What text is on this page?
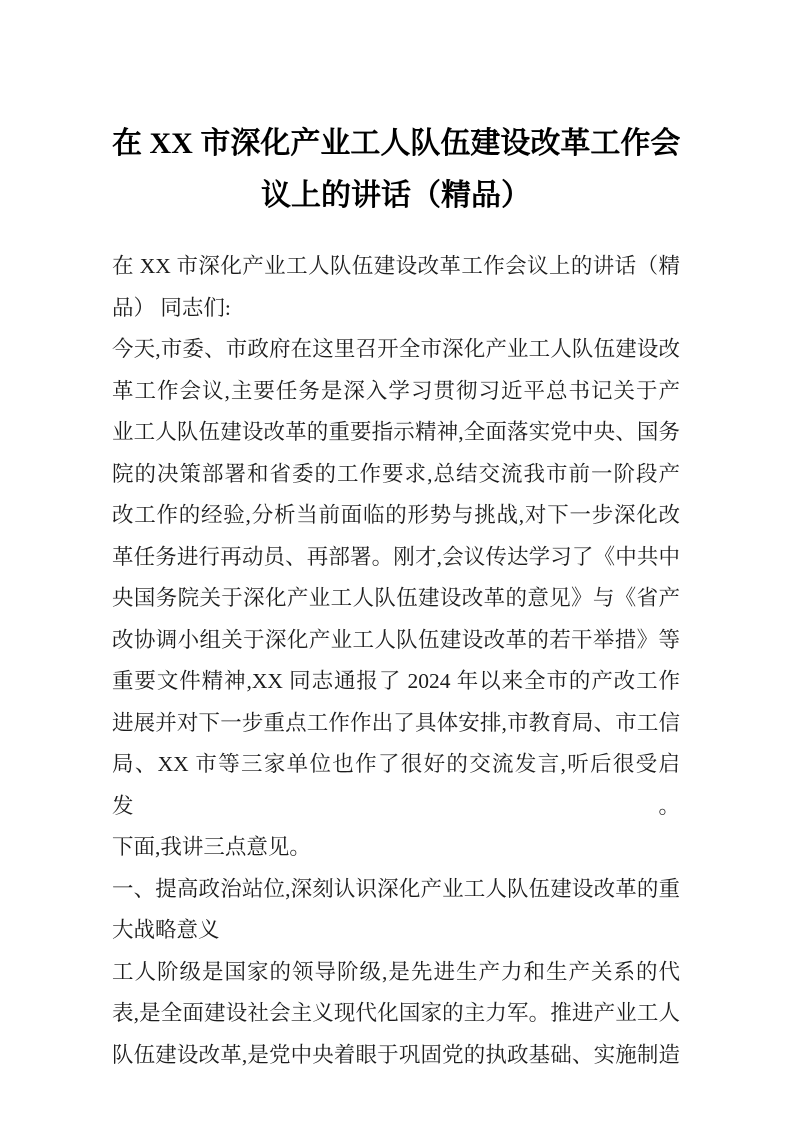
在 XX 市深化产业工人队伍建设改革工作会
议上的讲话（精品）
在 XX 市深化产业工人队伍建设改革工作会议上的讲话（精
品） 同志们:
今天,市委、市政府在这里召开全市深化产业工人队伍建设改
革工作会议,主要任务是深入学习贯彻习近平总书记关于产
业工人队伍建设改革的重要指示精神,全面落实党中央、国务
院的决策部署和省委的工作要求,总结交流我市前一阶段产
改工作的经验,分析当前面临的形势与挑战,对下一步深化改
革任务进行再动员、再部署。刚才,会议传达学习了《中共中
央国务院关于深化产业工人队伍建设改革的意见》与《省产
改协调小组关于深化产业工人队伍建设改革的若干举措》等
重要文件精神,XX 同志通报了 2024 年以来全市的产改工作
进展并对下一步重点工作作出了具体安排,市教育局、市工信
局、XX 市等三家单位也作了很好的交流发言,听后很受启发。
下面,我讲三点意见。
一、提高政治站位,深刻认识深化产业工人队伍建设改革的重
大战略意义
工人阶级是国家的领导阶级,是先进生产力和生产关系的代
表,是全面建设社会主义现代化国家的主力军。推进产业工人
队伍建设改革,是党中央着眼于巩固党的执政基础、实施制造
